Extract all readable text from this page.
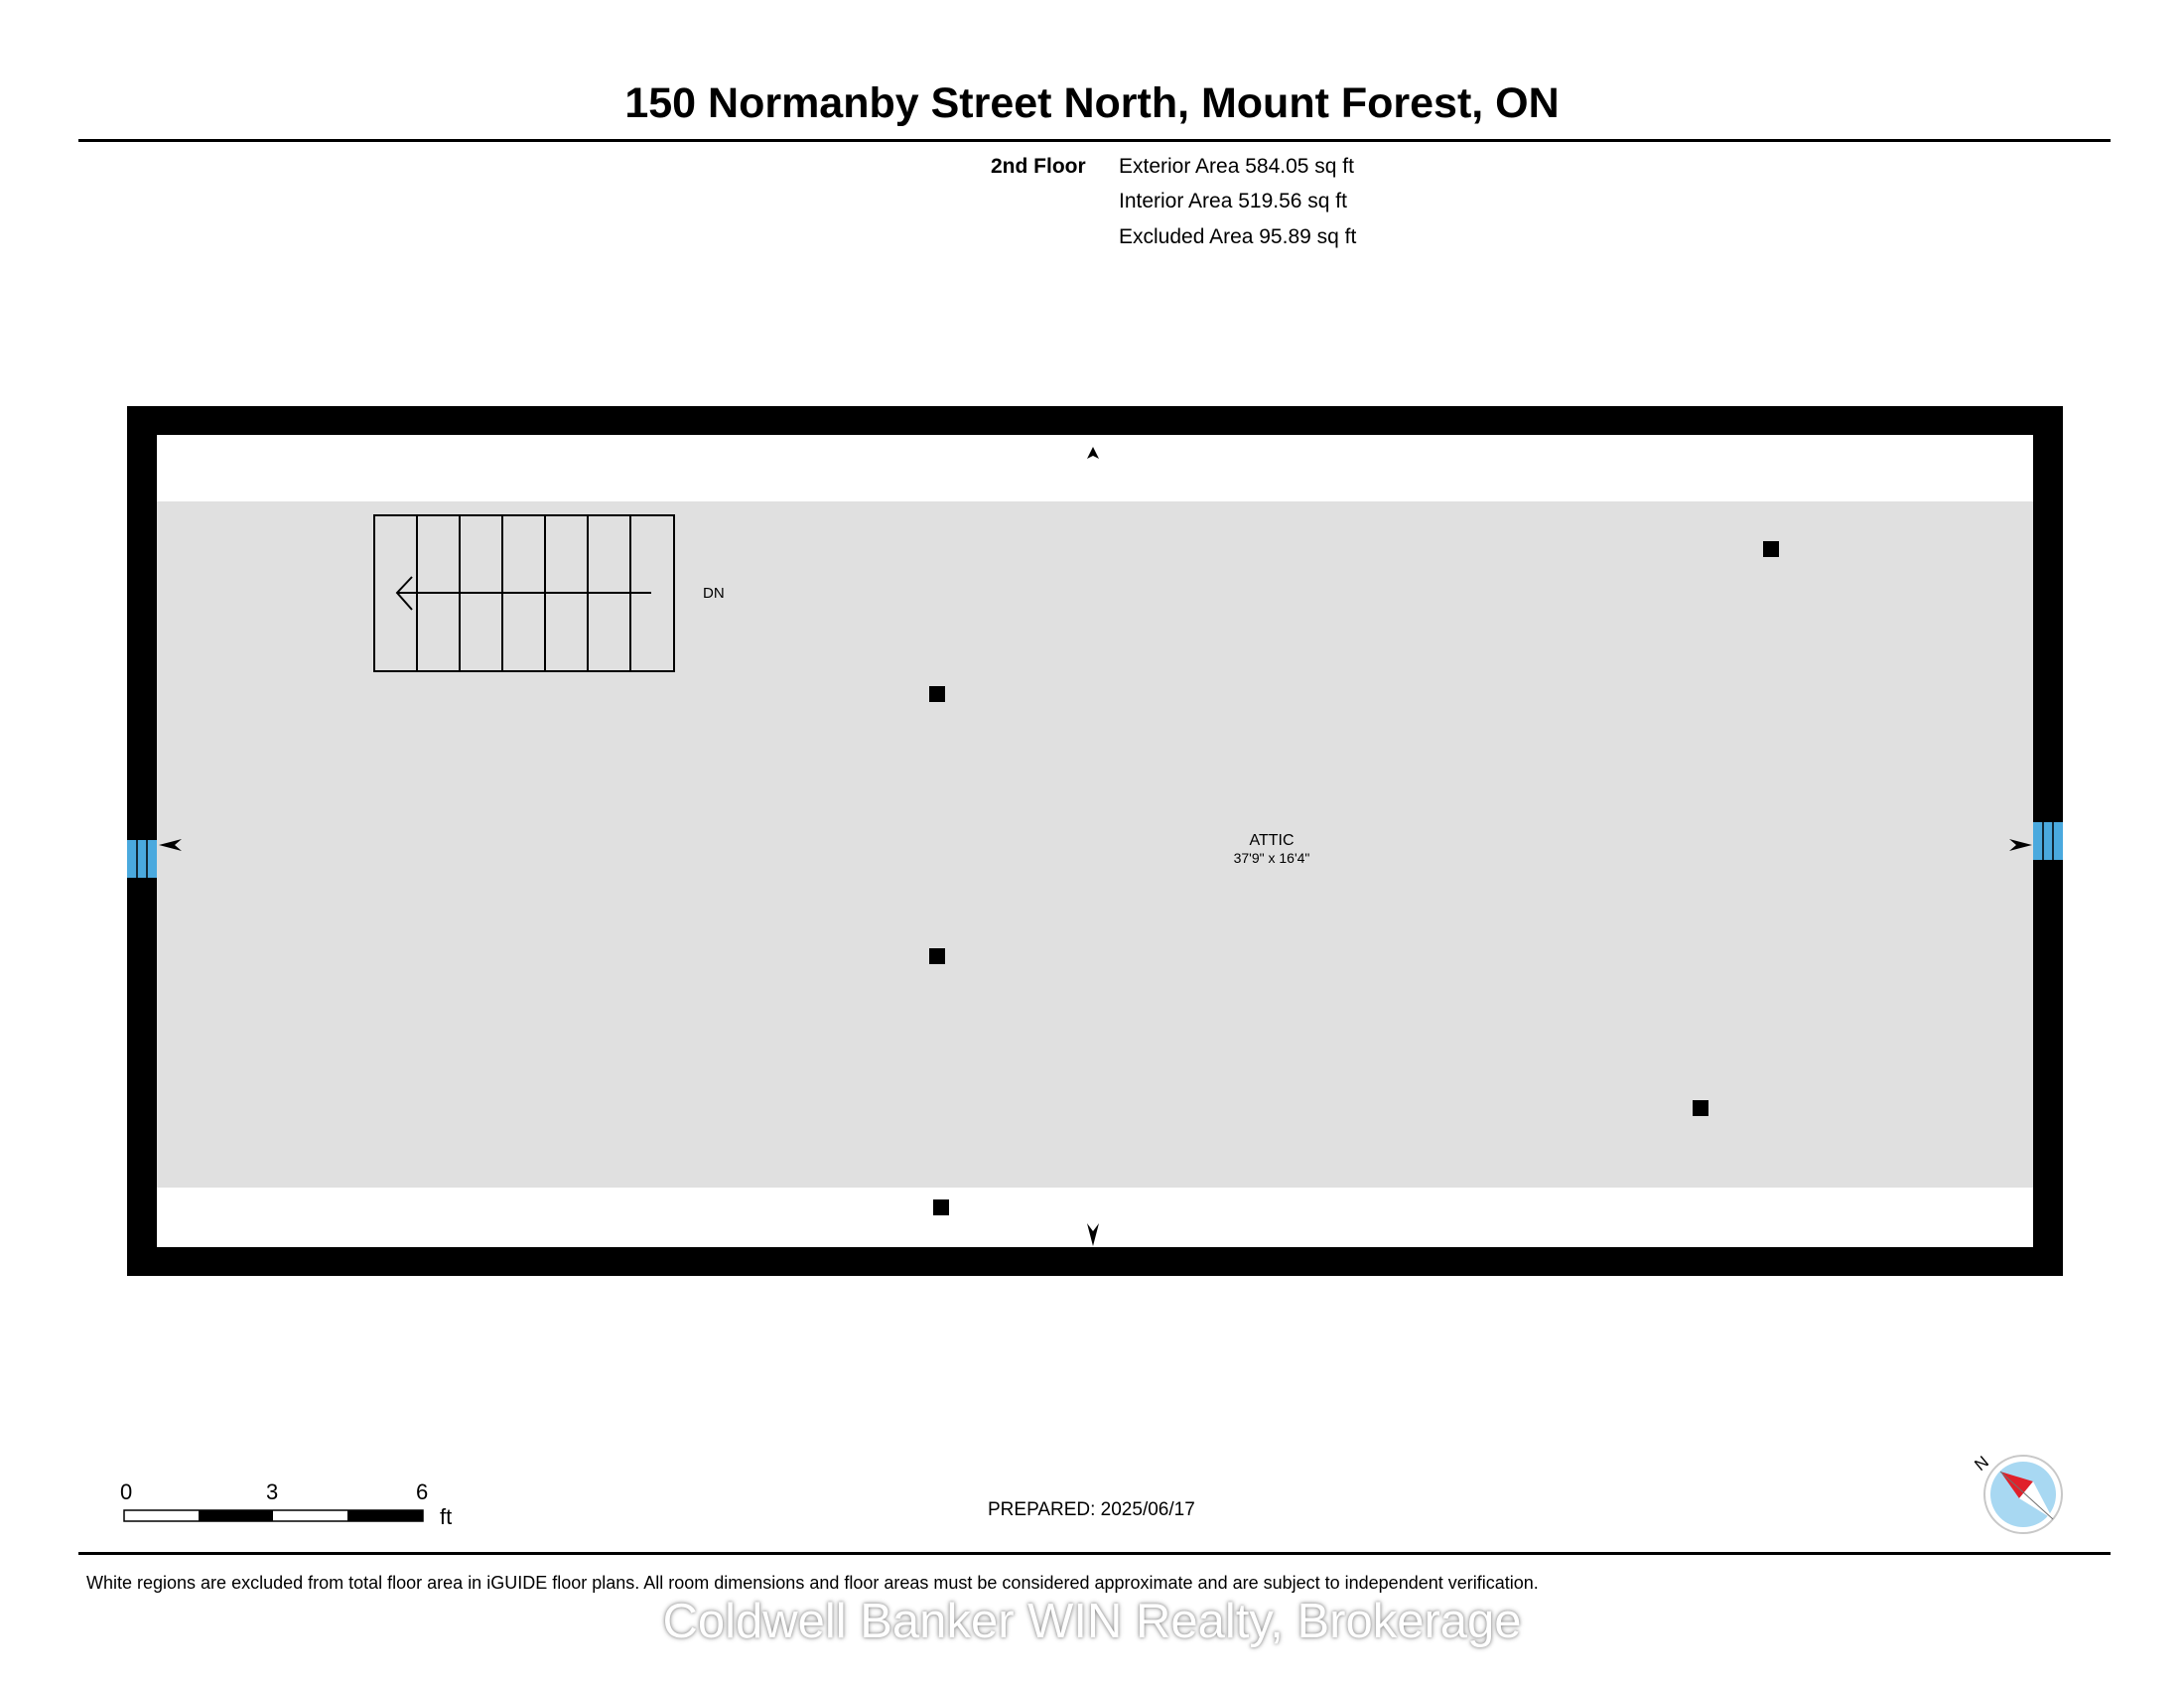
150 Normanby Street North, Mount Forest, ON
2nd Floor Exterior Area 584.05 sq ft
Interior Area 519.56 sq ft
Excluded Area 95.89 sq ft
DN
ATTIC
37'9" x 16'4"
N
0	3	6
ft	PREPARED: 2025/06/17
White regions are excluded from total floor area in iGUIDE floor plans. All room dimensions and floor areas must be considered approximate and are subject to independent verification.
Coldwell Banker WIN Realty, Brokerage
